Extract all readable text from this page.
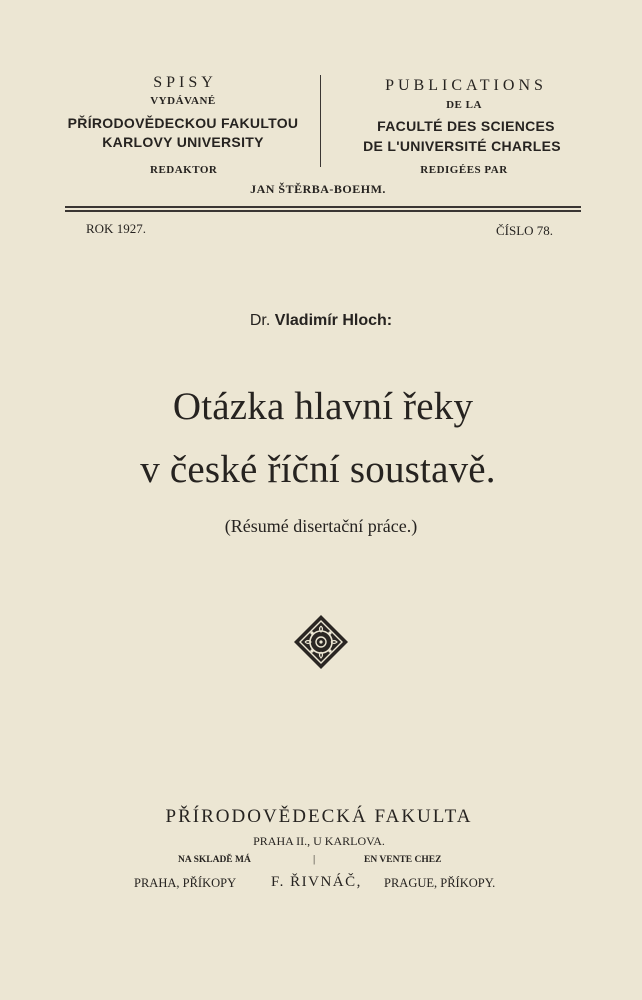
SPISY
VYDÁVANÉ
PŘÍRODOVĚDECKOU FAKULTOU
KARLOVY UNIVERSITY
REDAKTOR
PUBLICATIONS
DE LA
FACULTÉ DES SCIENCES
DE L'UNIVERSITÉ CHARLES
REDIGÉES PAR
JAN ŠTĚRBA-BOEHM.
ROK 1927.	ČÍSLO 78.
Dr. Vladimír Hloch:
Otázka hlavní řeky
v české říční soustavě.
(Résumé disertační práce.)
PŘÍRODOVĚDECKÁ FAKULTA
PRAHA II., U KARLOVA.
NA SKLADĚ MÁ	|	EN VENTE CHEZ
PRAHA, PŘÍKOPY F. ŘIVNÁČ, PRAGUE, PŘÍKOPY.
